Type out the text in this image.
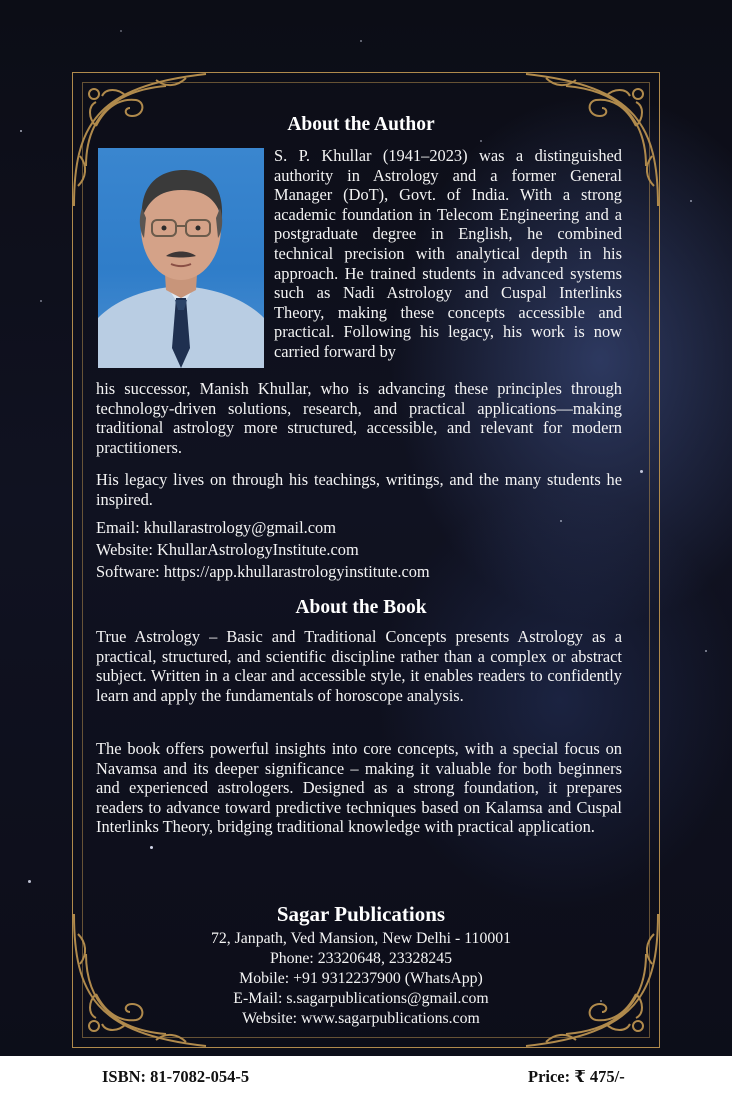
About the Author

S. P. Khullar (1941–2023) was a distinguished authority in Astrology and a former General Manager (DoT), Govt. of India. With a strong academic foundation in Telecom Engineering and a postgraduate degree in English, he combined technical precision with analytical depth in his approach. He trained students in advanced systems such as Nadi Astrology and Cuspal Interlinks Theory, making these concepts accessible and practical. Following his legacy, his work is now carried forward by

his successor, Manish Khullar, who is advancing these principles through technology-driven solutions, research, and practical applications—making traditional astrology more structured, accessible, and relevant for modern practitioners.

His legacy lives on through his teachings, writings, and the many students he inspired.

Email: khullarastrology@gmail.com
Website: KhullarAstrologyInstitute.com
Software: https://app.khullarastrologyinstitute.com
About the Book

True Astrology – Basic and Traditional Concepts presents Astrology as a practical, structured, and scientific discipline rather than a complex or abstract subject. Written in a clear and accessible style, it enables readers to confidently learn and apply the fundamentals of horoscope analysis.

The book offers powerful insights into core concepts, with a special focus on Navamsa and its deeper significance – making it valuable for both beginners and experienced astrologers. Designed as a strong foundation, it prepares readers to advance toward predictive techniques based on Kalamsa and Cuspal Interlinks Theory, bridging traditional knowledge with practical application.

Sagar Publications
72, Janpath, Ved Mansion, New Delhi - 110001
Phone: 23320648, 23328245
Mobile: +91 9312237900 (WhatsApp)
E-Mail: s.sagarpublications@gmail.com
Website: www.sagarpublications.com
ISBN: 81-7082-054-5	Price: ₹ 475/-
